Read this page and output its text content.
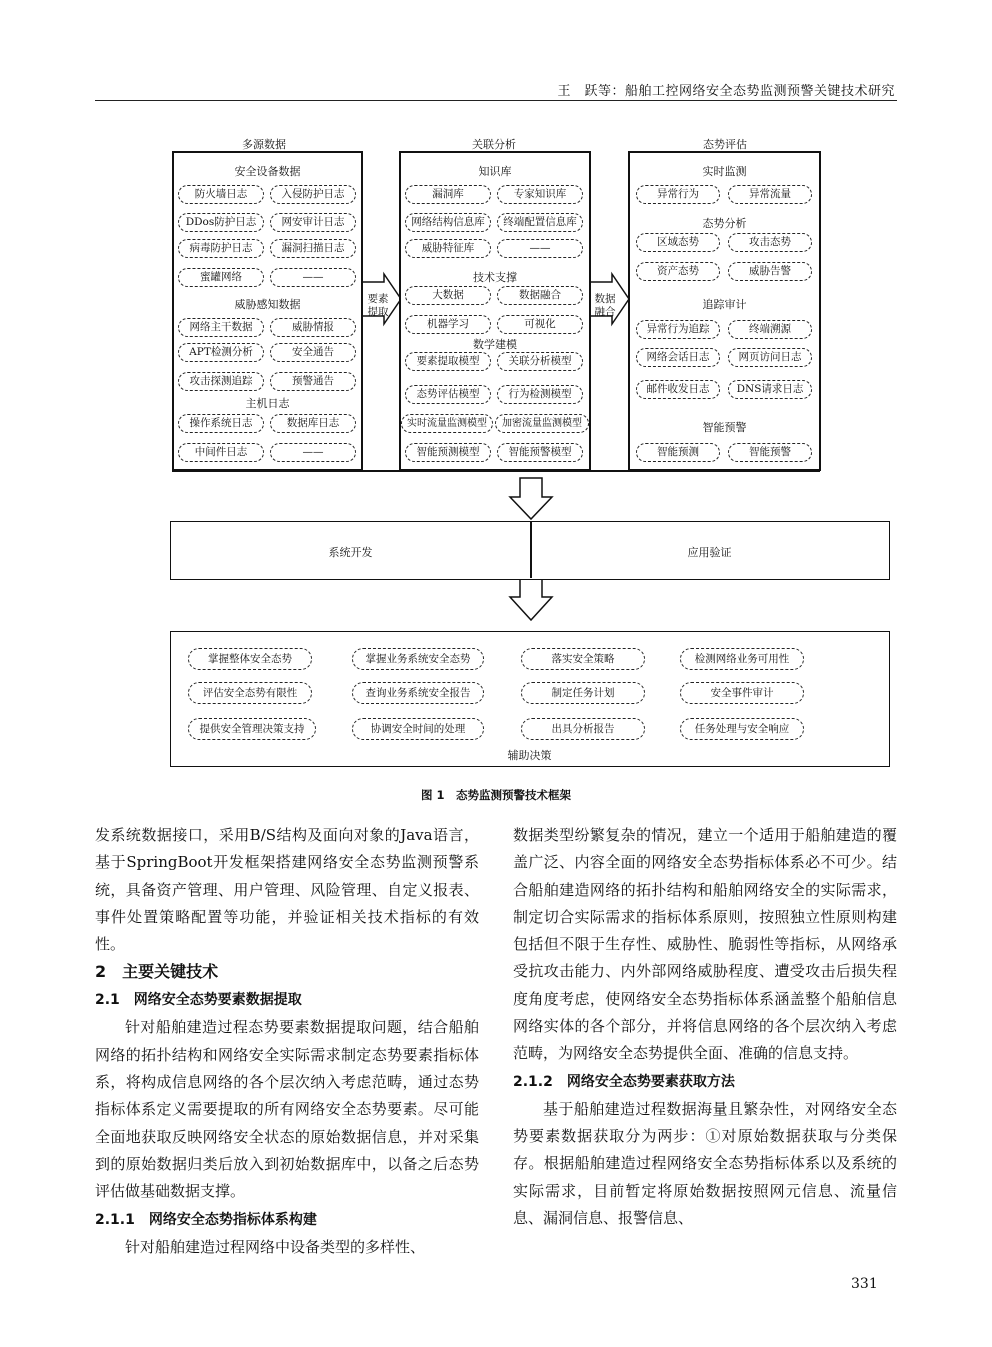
王　跃等：船舶工控网络安全态势监测预警关键技术研究
多源数据
安全设备数据
防火墙日志	入侵防护日志
DDos防护日志	网安审计日志
病毒防护日志	漏洞扫描日志
蜜罐网络	——
威胁感知数据
网络主干数据	威胁情报
APT检测分析	安全通告
攻击探测追踪	预警通告
主机日志
操作系统日志	数据库日志
中间件日志	——
要素提取
关联分析
知识库
漏洞库	专家知识库
网络结构信息库	终端配置信息库
威胁特征库	——
技术支撑
大数据	数据融合
机器学习	可视化
数学建模
要素提取模型	关联分析模型
态势评估模型	行为检测模型
实时流量监测模型	加密流量监测模型
智能预测模型	智能预警模型
数据融合
态势评估
实时监测
异常行为	异常流量
态势分析
区域态势	攻击态势
资产态势	威胁告警
追踪审计
异常行为追踪	终端溯源
网络会话日志	网页访问日志
邮件收发日志	DNS请求日志
智能预警
智能预测	智能预警
系统开发	应用验证
掌握整体安全态势	掌握业务系统安全态势	落实安全策略	检测网络业务可用性
评估安全态势有限性	查询业务系统安全报告	制定任务计划	安全事件审计
提供安全管理决策支持	协调安全时间的处理	出具分析报告	任务处理与安全响应
辅助决策
图 1　态势监测预警技术框架

发系统数据接口，采用B/S结构及面向对象的Java语言，基于SpringBoot开发框架搭建网络安全态势监测预警系统，具备资产管理、用户管理、风险管理、自定义报表、事件处置策略配置等功能，并验证相关技术指标的有效性。

2　主要关键技术

2.1　网络安全态势要素数据提取

针对船舶建造过程态势要素数据提取问题，结合船舶网络的拓扑结构和网络安全实际需求制定态势要素指标体系，将构成信息网络的各个层次纳入考虑范畴，通过态势指标体系定义需要提取的所有网络安全态势要素。尽可能全面地获取反映网络安全状态的原始数据信息，并对采集到的原始数据归类后放入到初始数据库中，以备之后态势评估做基础数据支撑。

2.1.1　网络安全态势指标体系构建

针对船舶建造过程网络中设备类型的多样性、

数据类型纷繁复杂的情况，建立一个适用于船舶建造的覆盖广泛、内容全面的网络安全态势指标体系必不可少。结合船舶建造网络的拓扑结构和船舶网络安全的实际需求，制定切合实际需求的指标体系原则，按照独立性原则构建包括但不限于生存性、威胁性、脆弱性等指标，从网络承受抗攻击能力、内外部网络威胁程度、遭受攻击后损失程度角度考虑，使网络安全态势指标体系涵盖整个船舶信息网络实体的各个部分，并将信息网络的各个层次纳入考虑范畴，为网络安全态势提供全面、准确的信息支持。

2.1.2　网络安全态势要素获取方法

基于船舶建造过程数据海量且繁杂性，对网络安全态势要素数据获取分为两步：①对原始数据获取与分类保存。根据船舶建造过程网络安全态势指标体系以及系统的实际需求，目前暂定将原始数据按照网元信息、流量信息、漏洞信息、报警信息、

331
